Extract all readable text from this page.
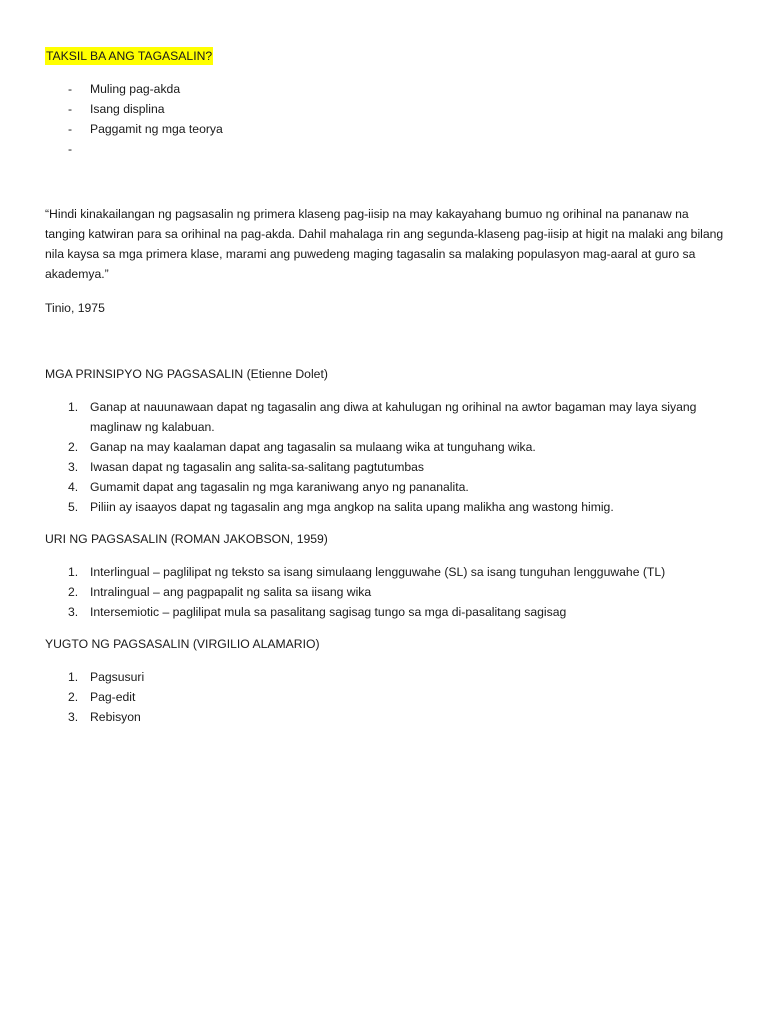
TAKSIL BA ANG TAGASALIN?
- Muling pag-akda
- Isang displina
- Paggamit ng mga teorya
-

“Hindi kinakailangan ng pagsasalin ng primera klaseng pag-iisip na may kakayahang bumuo ng orihinal na pananaw na tanging katwiran para sa orihinal na pag-akda. Dahil mahalaga rin ang segunda-klaseng pag-iisip at higit na malaki ang bilang nila kaysa sa mga primera klase, marami ang puwedeng maging tagasalin sa malaking populasyon mag-aaral at guro sa akademya.”

Tinio, 1975

MGA PRINSIPYO NG PAGSASALIN (Etienne Dolet)

1. Ganap at nauunawaan dapat ng tagasalin ang diwa at kahulugan ng orihinal na awtor bagaman may laya siyang maglinaw ng kalabuan.
2. Ganap na may kaalaman dapat ang tagasalin sa mulaang wika at tunguhang wika.
3. Iwasan dapat ng tagasalin ang salita-sa-salitang pagtutumbas
4. Gumamit dapat ang tagasalin ng mga karaniwang anyo ng pananalita.
5. Piliin ay isaayos dapat ng tagasalin ang mga angkop na salita upang malikha ang wastong himig.

URI NG PAGSASALIN (ROMAN JAKOBSON, 1959)

1. Interlingual – paglilipat ng teksto sa isang simulaang lengguwahe (SL) sa isang tunguhan lengguwahe (TL)
2. Intralingual – ang pagpapalit ng salita sa iisang wika
3. Intersemiotic – paglilipat mula sa pasalitang sagisag tungo sa mga di-pasalitang sagisag

YUGTO NG PAGSASALIN (VIRGILIO ALAMARIO)

1. Pagsusuri
2. Pag-edit
3. Rebisyon
